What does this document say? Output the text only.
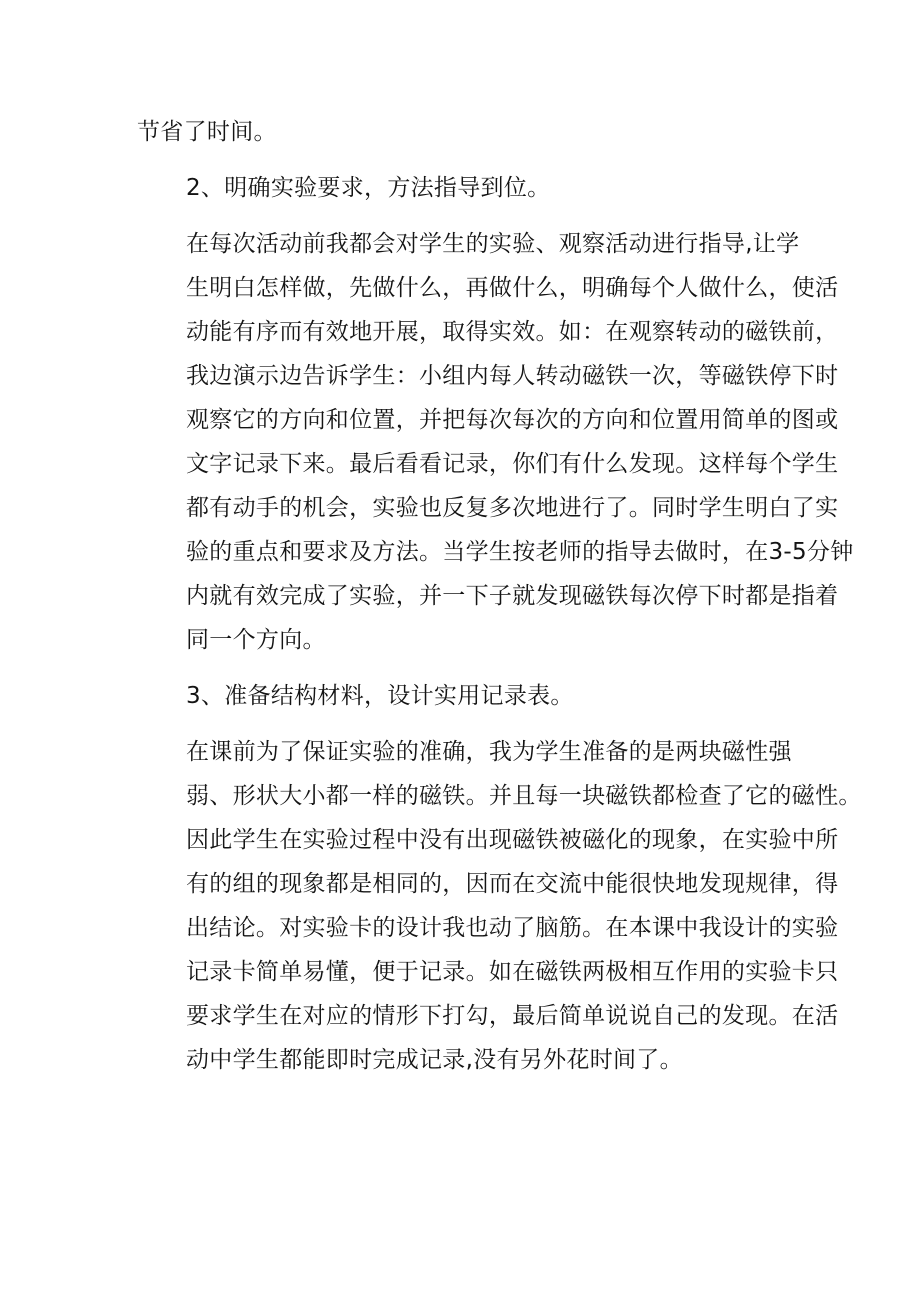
节省了时间。

2、明确实验要求，方法指导到位。

在每次活动前我都会对学生的实验、观察活动进行指导,让学
生明白怎样做，先做什么，再做什么，明确每个人做什么，使活
动能有序而有效地开展，取得实效。如：在观察转动的磁铁前，
我边演示边告诉学生：小组内每人转动磁铁一次，等磁铁停下时
观察它的方向和位置，并把每次每次的方向和位置用简单的图或
文字记录下来。最后看看记录，你们有什么发现。这样每个学生
都有动手的机会，实验也反复多次地进行了。同时学生明白了实
验的重点和要求及方法。当学生按老师的指导去做时，在3-5分钟
内就有效完成了实验，并一下子就发现磁铁每次停下时都是指着
同一个方向。

3、准备结构材料，设计实用记录表。

在课前为了保证实验的准确，我为学生准备的是两块磁性强
弱、形状大小都一样的磁铁。并且每一块磁铁都检查了它的磁性。
因此学生在实验过程中没有出现磁铁被磁化的现象，在实验中所
有的组的现象都是相同的，因而在交流中能很快地发现规律，得
出结论。对实验卡的设计我也动了脑筋。在本课中我设计的实验
记录卡简单易懂，便于记录。如在磁铁两极相互作用的实验卡只
要求学生在对应的情形下打勾，最后简单说说自己的发现。在活
动中学生都能即时完成记录,没有另外花时间了。
